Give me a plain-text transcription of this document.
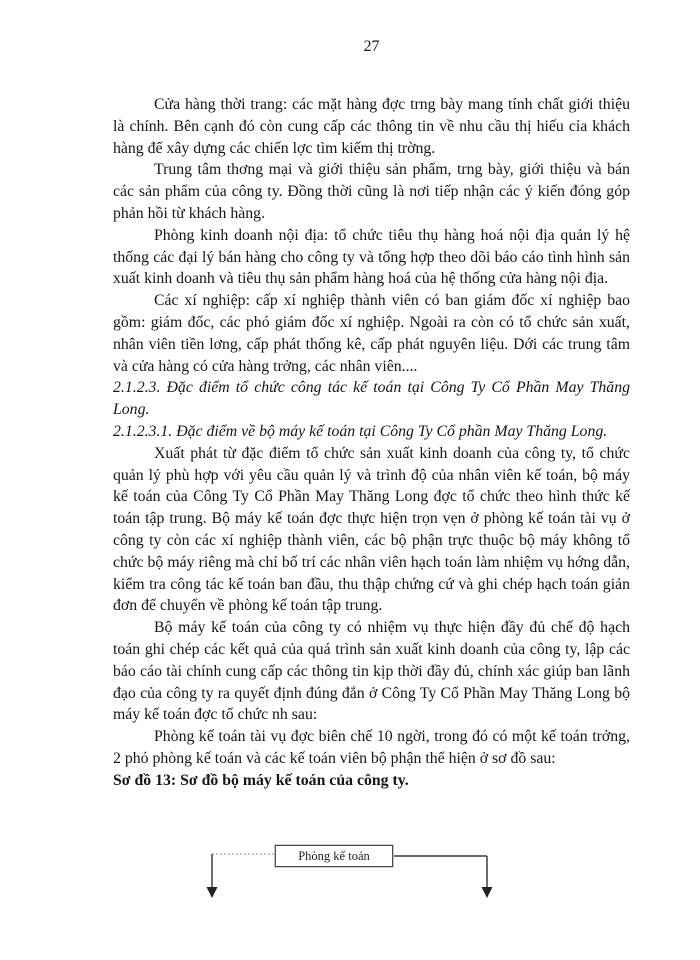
27

Cửa hàng thời trang: các mặt hàng đợc trng bày mang tính chất giới thiệu là chính. Bên cạnh đó còn cung cấp các thông tin về nhu cầu thị hiếu cỉa khách hàng để xây dựng các chiến lợc tìm kiếm thị trờng.

Trung tâm thơng mại và giới thiệu sản phẩm, trng bày, giới thiệu và bán các sản phẩm của công ty. Đồng thời cũng là nơi tiếp nhận các ý kiến đóng góp phản hồi từ khách hàng.

Phòng kinh doanh nội địa: tổ chức tiêu thụ hàng hoá nội địa quản lý hệ thống các đại lý bán hàng cho công ty và tổng hợp theo dõi báo cáo tình hình sản xuất kinh doanh và tiêu thụ sản phẩm hàng hoá của hệ thống cửa hàng nội địa.

Các xí nghiệp: cấp xí nghiệp thành viên có ban giám đốc xí nghiệp bao gồm: giám đốc, các phó giám đốc xí nghiệp. Ngoài ra còn có tổ chức sản xuất, nhân viên tiền lơng, cấp phát thống kê, cấp phát nguyên liệu. Dới các trung tâm và cửa hàng có cửa hàng trởng, các nhân viên....

2.1.2.3. Đặc điểm tổ chức công tác kế toán tại Công Ty Cổ Phần May Thăng Long.

2.1.2.3.1. Đặc điểm về bộ máy kế toán tại Công Ty Cổ phần May Thăng Long.

Xuất phát từ đặc điểm tổ chức sản xuất kinh doanh của công ty, tổ chức quản lý phù hợp với yêu cầu quản lý và trình độ của nhân viên kế toán, bộ máy kế toán của Công Ty Cổ Phần May Thăng Long đợc tổ chức theo hình thức kế toán tập trung. Bộ máy kế toán đợc thực hiện trọn vẹn ở phòng kế toán tài vụ ở công ty còn các xí nghiệp thành viên, các bộ phận trực thuộc bộ máy không tổ chức bộ máy riêng mà chỉ bố trí các nhân viên hạch toán làm nhiệm vụ hớng dẫn, kiểm tra công tác kế toán ban đầu, thu thập chứng cứ và ghi chép hạch toán giản đơn để chuyển về phòng kế toán tập trung.

Bộ máy kế toán của công ty có nhiệm vụ thực hiện đầy đủ chế độ hạch toán ghi chép các kết quả của quá trình sản xuất kinh doanh của công ty, lập các báo cáo tài chính cung cấp các thông tin kịp thời đầy đủ, chính xác giúp ban lãnh đạo của công ty ra quyết định đúng đắn ở Công Ty Cổ Phần May Thăng Long bộ máy kế toán đợc tổ chức nh sau:

Phòng kế toán tài vụ đợc biên chế 10 ngời, trong đó có một kế toán trởng, 2 phó phòng kế toán và các kế toán viên bộ phận thể hiện ở sơ đồ sau:

Sơ đồ 13: Sơ đồ bộ máy kế toán của công ty.

Phòng kế toán
